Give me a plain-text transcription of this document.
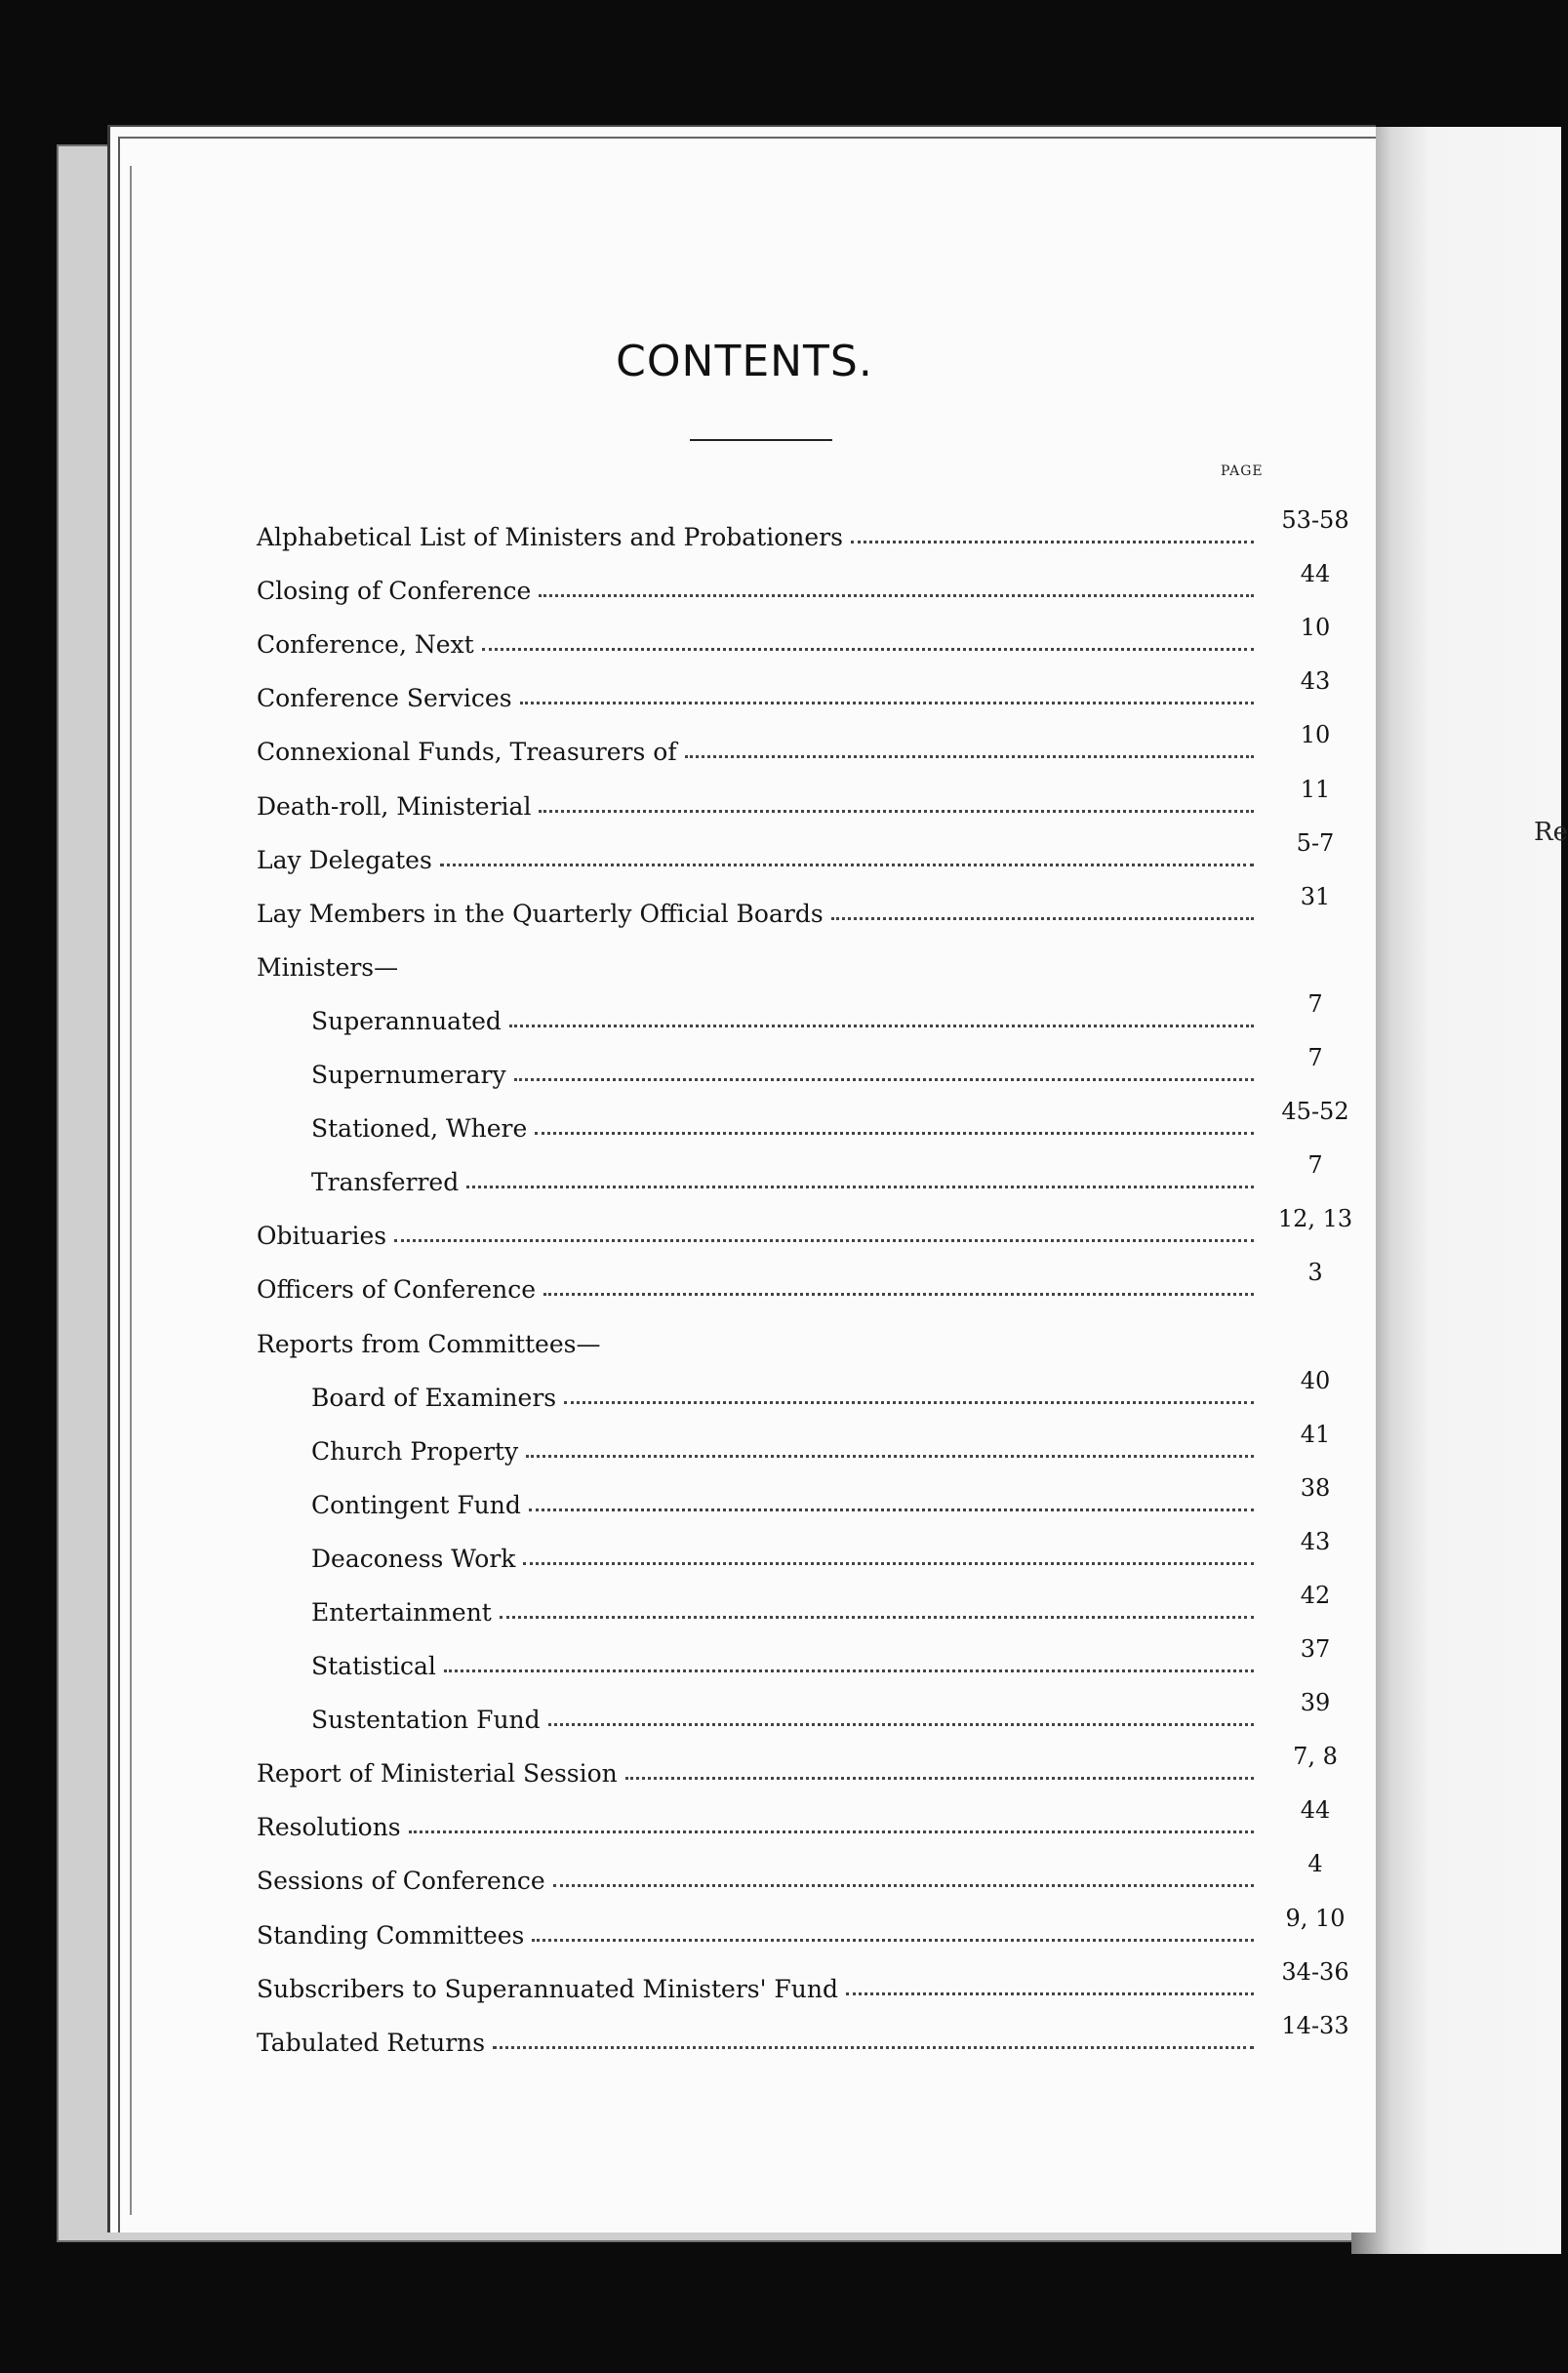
Re
CONTENTS.
PAGE
Alphabetical List of Ministers and Probationers
53-58
Closing of Conference
44
Conference, Next
10
Conference Services
43
Connexional Funds, Treasurers of
10
Death-roll, Ministerial
11
Lay Delegates
5-7
Lay Members in the Quarterly Official Boards
31
Ministers—
Superannuated
7
Supernumerary
7
Stationed, Where
45-52
Transferred
7
Obituaries
12, 13
Officers of Conference
3
Reports from Committees—
Board of Examiners
40
Church Property
41
Contingent Fund
38
Deaconess Work
43
Entertainment
42
Statistical
37
Sustentation Fund
39
Report of Ministerial Session
7, 8
Resolutions
44
Sessions of Conference
4
Standing Committees
9, 10
Subscribers to Superannuated Ministers' Fund
34-36
Tabulated Returns
14-33
